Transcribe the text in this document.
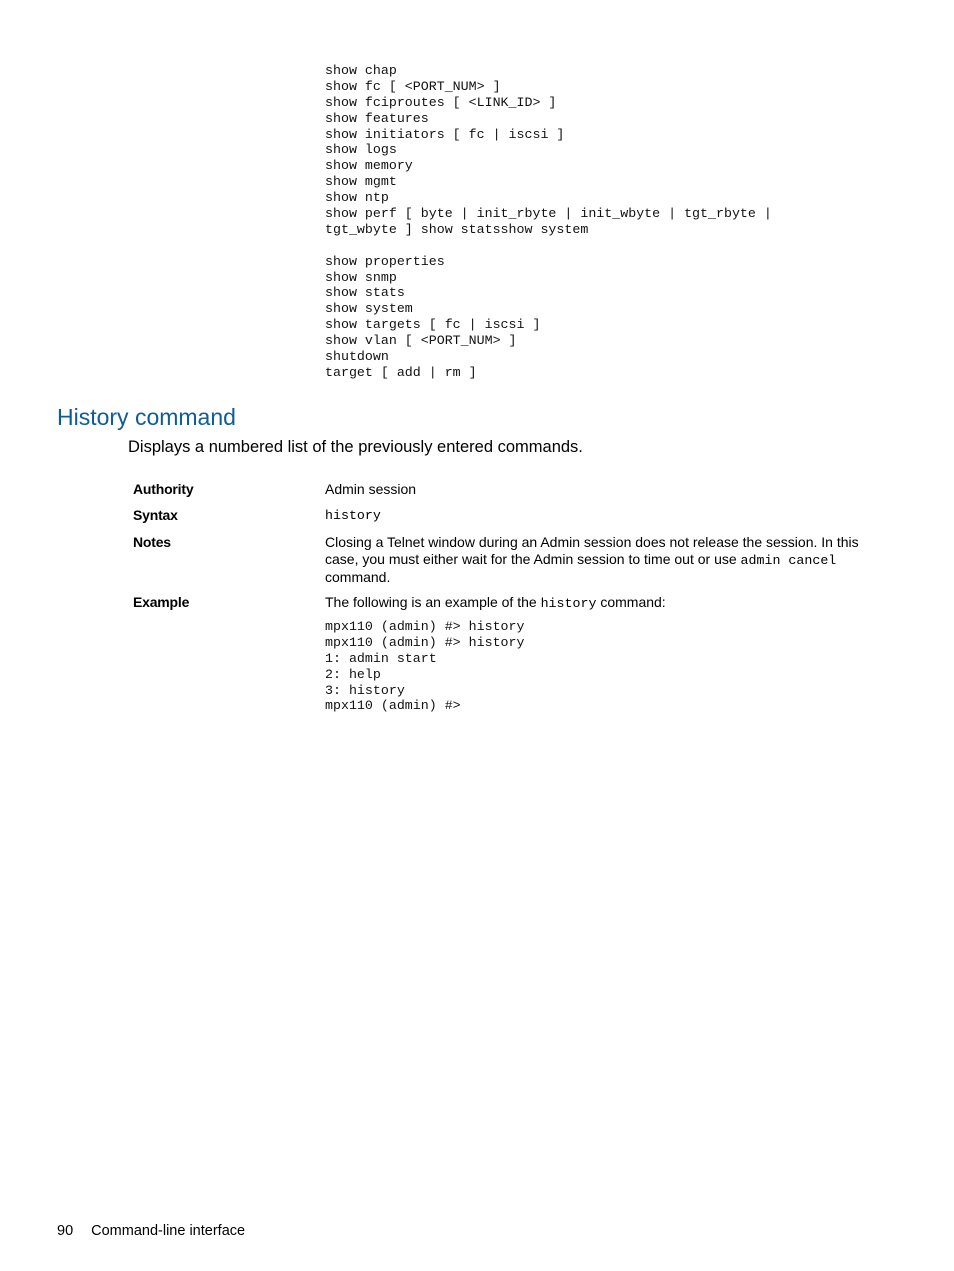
show chap
show fc [ <PORT_NUM> ]
show fciproutes [ <LINK_ID> ]
show features
show initiators [ fc | iscsi ]
show logs
show memory
show mgmt
show ntp
show perf [ byte | init_rbyte | init_wbyte | tgt_rbyte |
tgt_wbyte ] show statsshow system
show properties
show snmp
show stats
show system
show targets [ fc | iscsi ]
show vlan [ <PORT_NUM> ]
shutdown
target [ add | rm ]
History command

Displays a numbered list of the previously entered commands.

Authority	Admin session
Syntax	history
Notes	Closing a Telnet window during an Admin session does not release the session. In this case, you must either wait for the Admin session to time out or use admin cancel command.
Example	The following is an example of the history command:
mpx110 (admin) #> history
mpx110 (admin) #> history
1: admin start
2: help
3: history
mpx110 (admin) #>
90 Command-line interface
